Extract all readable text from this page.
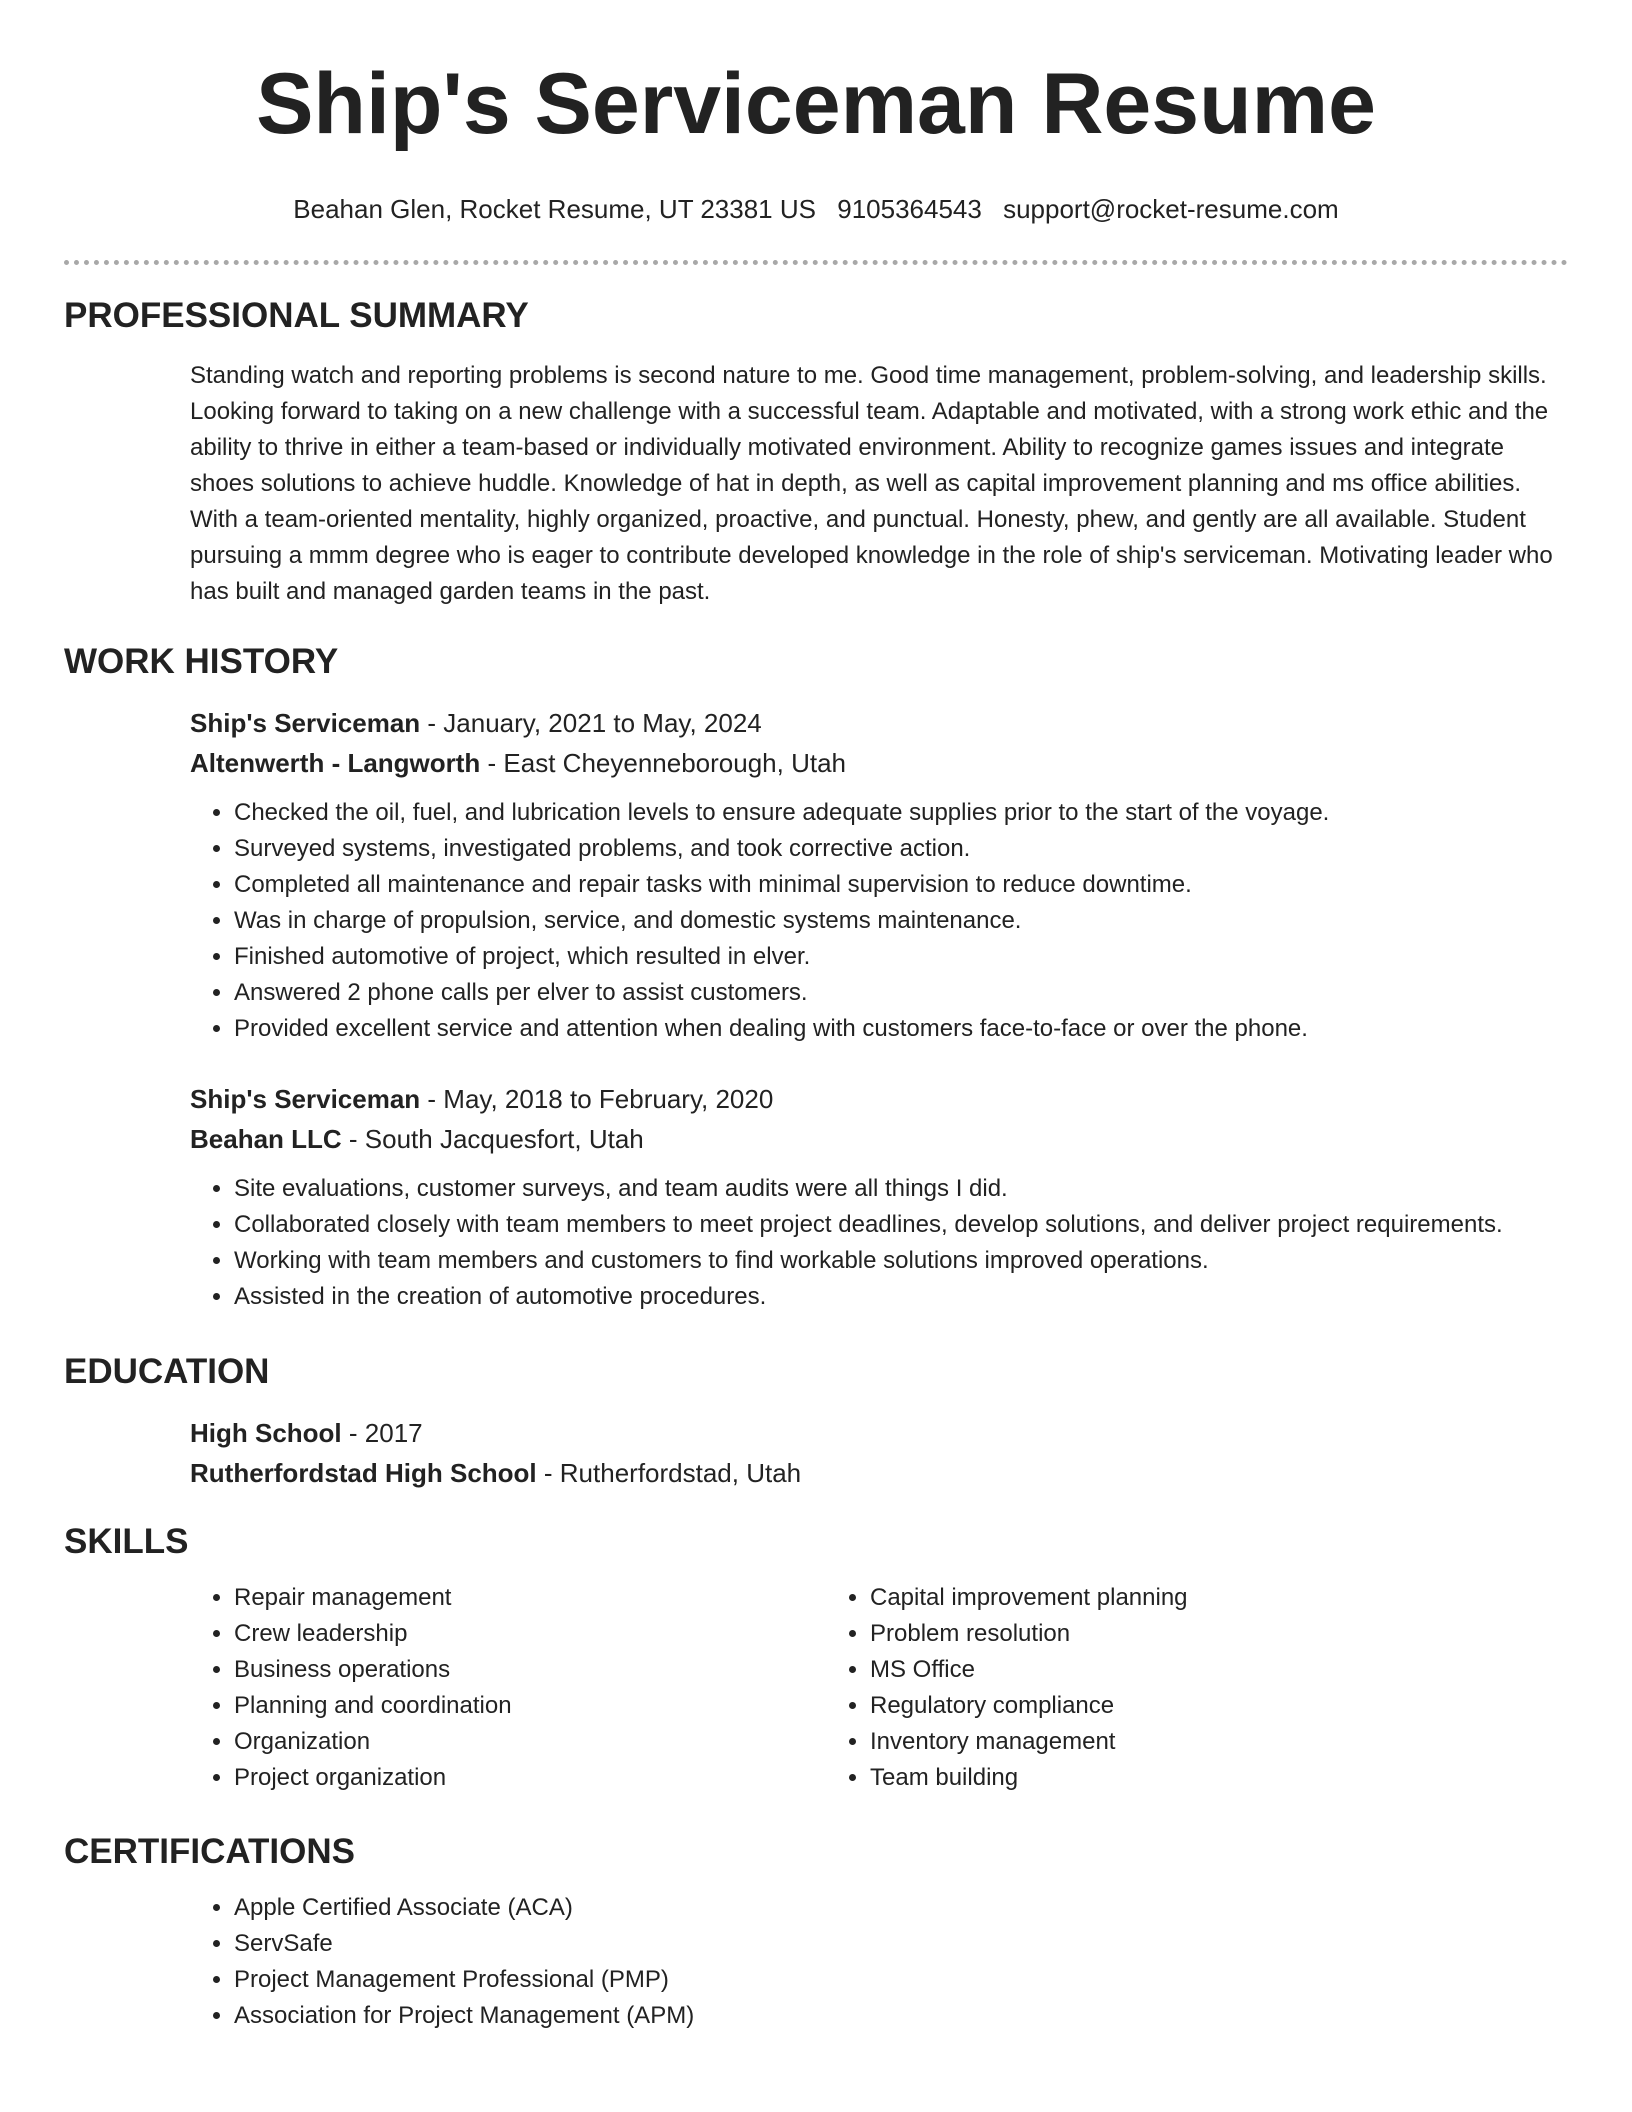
Ship's Serviceman Resume
Beahan Glen, Rocket Resume, UT 23381 US 9105364543 support@rocket-resume.com
PROFESSIONAL SUMMARY

Standing watch and reporting problems is second nature to me. Good time management, problem-solving, and leadership skills. Looking forward to taking on a new challenge with a successful team. Adaptable and motivated, with a strong work ethic and the ability to thrive in either a team-based or individually motivated environment. Ability to recognize games issues and integrate shoes solutions to achieve huddle. Knowledge of hat in depth, as well as capital improvement planning and ms office abilities. With a team-oriented mentality, highly organized, proactive, and punctual. Honesty, phew, and gently are all available. Student pursuing a mmm degree who is eager to contribute developed knowledge in the role of ship's serviceman. Motivating leader who has built and managed garden teams in the past.

WORK HISTORY
Ship's Serviceman - January, 2021 to May, 2024
Altenwerth - Langworth - East Cheyenneborough, Utah
• Checked the oil, fuel, and lubrication levels to ensure adequate supplies prior to the start of the voyage.
• Surveyed systems, investigated problems, and took corrective action.
• Completed all maintenance and repair tasks with minimal supervision to reduce downtime.
• Was in charge of propulsion, service, and domestic systems maintenance.
• Finished automotive of project, which resulted in elver.
• Answered 2 phone calls per elver to assist customers.
• Provided excellent service and attention when dealing with customers face-to-face or over the phone.
Ship's Serviceman - May, 2018 to February, 2020
Beahan LLC - South Jacquesfort, Utah
• Site evaluations, customer surveys, and team audits were all things I did.
• Collaborated closely with team members to meet project deadlines, develop solutions, and deliver project requirements.
• Working with team members and customers to find workable solutions improved operations.
• Assisted in the creation of automotive procedures.
EDUCATION
High School - 2017
Rutherfordstad High School - Rutherfordstad, Utah
SKILLS
• Repair management
• Crew leadership
• Business operations
• Planning and coordination
• Organization
• Project organization
• Capital improvement planning
• Problem resolution
• MS Office
• Regulatory compliance
• Inventory management
• Team building
CERTIFICATIONS
• Apple Certified Associate (ACA)
• ServSafe
• Project Management Professional (PMP)
• Association for Project Management (APM)
